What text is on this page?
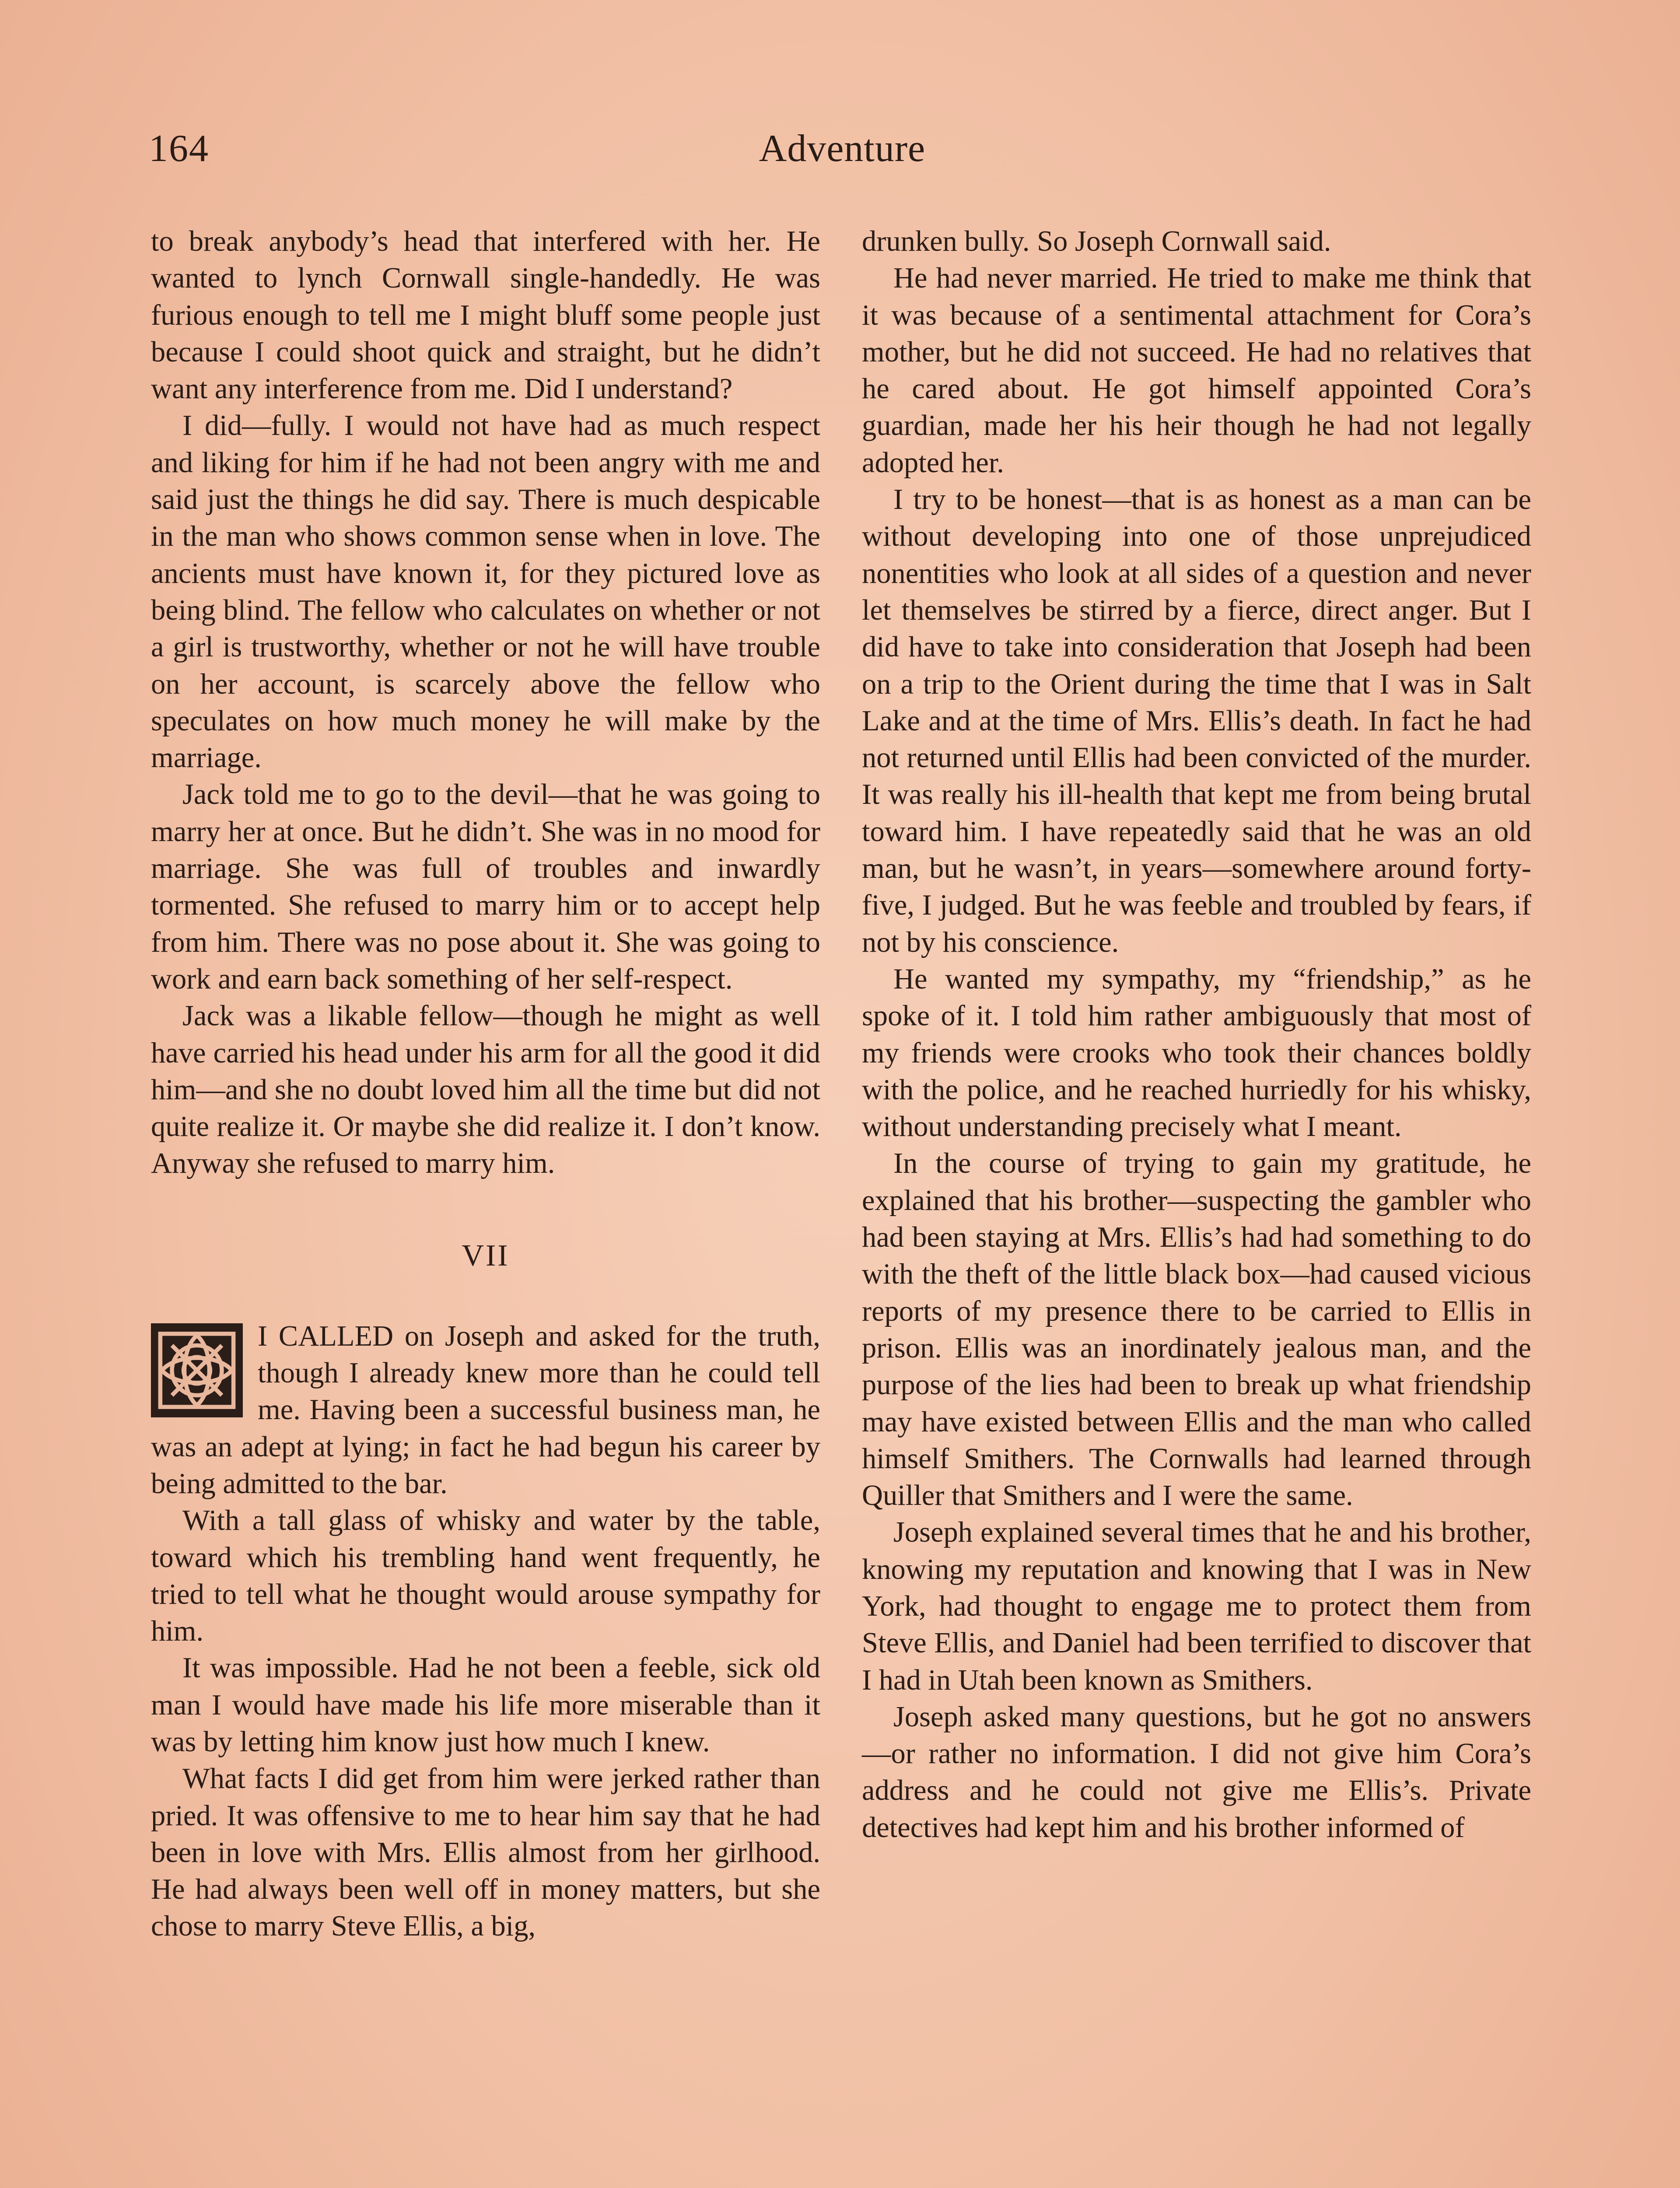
164	Adventure

to break anybody’s head that interfered with her. He wanted to lynch Cornwall single-handedly. He was furious enough to tell me I might bluff some people just because I could shoot quick and straight, but he didn’t want any interference from me. Did I understand?

I did—fully. I would not have had as much respect and liking for him if he had not been angry with me and said just the things he did say. There is much despicable in the man who shows common sense when in love. The ancients must have known it, for they pictured love as being blind. The fellow who calculates on whether or not a girl is trustworthy, whether or not he will have trouble on her account, is scarcely above the fellow who speculates on how much money he will make by the marriage.

Jack told me to go to the devil—that he was going to marry her at once. But he didn’t. She was in no mood for marriage. She was full of troubles and inwardly tormented. She refused to marry him or to accept help from him. There was no pose about it. She was going to work and earn back something of her self-respect.

Jack was a likable fellow—though he might as well have carried his head under his arm for all the good it did him—and she no doubt loved him all the time but did not quite realize it. Or maybe she did realize it. I don’t know. Anyway she refused to marry him.

VII

I CALLED on Joseph and asked for the truth, though I already knew more than he could tell me. Having been a successful business man, he was an adept at lying; in fact he had begun his career by being admitted to the bar.

With a tall glass of whisky and water by the table, toward which his trembling hand went frequently, he tried to tell what he thought would arouse sympathy for him.

It was impossible. Had he not been a feeble, sick old man I would have made his life more miserable than it was by letting him know just how much I knew.

What facts I did get from him were jerked rather than pried. It was offensive to me to hear him say that he had been in love with Mrs. Ellis almost from her girlhood. He had always been well off in money matters, but she chose to marry Steve Ellis, a big,

drunken bully. So Joseph Cornwall said.

He had never married. He tried to make me think that it was because of a sentimental attachment for Cora’s mother, but he did not succeed. He had no relatives that he cared about. He got himself appointed Cora’s guardian, made her his heir though he had not legally adopted her.

I try to be honest—that is as honest as a man can be without developing into one of those unprejudiced nonentities who look at all sides of a question and never let themselves be stirred by a fierce, direct anger. But I did have to take into consideration that Joseph had been on a trip to the Orient during the time that I was in Salt Lake and at the time of Mrs. Ellis’s death. In fact he had not returned until Ellis had been convicted of the murder. It was really his ill-health that kept me from being brutal toward him. I have repeatedly said that he was an old man, but he wasn’t, in years—somewhere around forty-five, I judged. But he was feeble and troubled by fears, if not by his conscience.

He wanted my sympathy, my “friendship,” as he spoke of it. I told him rather ambiguously that most of my friends were crooks who took their chances boldly with the police, and he reached hurriedly for his whisky, without understanding precisely what I meant.

In the course of trying to gain my gratitude, he explained that his brother—suspecting the gambler who had been staying at Mrs. Ellis’s had had something to do with the theft of the little black box—had caused vicious reports of my presence there to be carried to Ellis in prison. Ellis was an inordinately jealous man, and the purpose of the lies had been to break up what friendship may have existed between Ellis and the man who called himself Smithers. The Cornwalls had learned through Quiller that Smithers and I were the same.

Joseph explained several times that he and his brother, knowing my reputation and knowing that I was in New York, had thought to engage me to protect them from Steve Ellis, and Daniel had been terrified to discover that I had in Utah been known as Smithers.

Joseph asked many questions, but he got no answers—or rather no information. I did not give him Cora’s address and he could not give me Ellis’s. Private detectives had kept him and his brother informed of
